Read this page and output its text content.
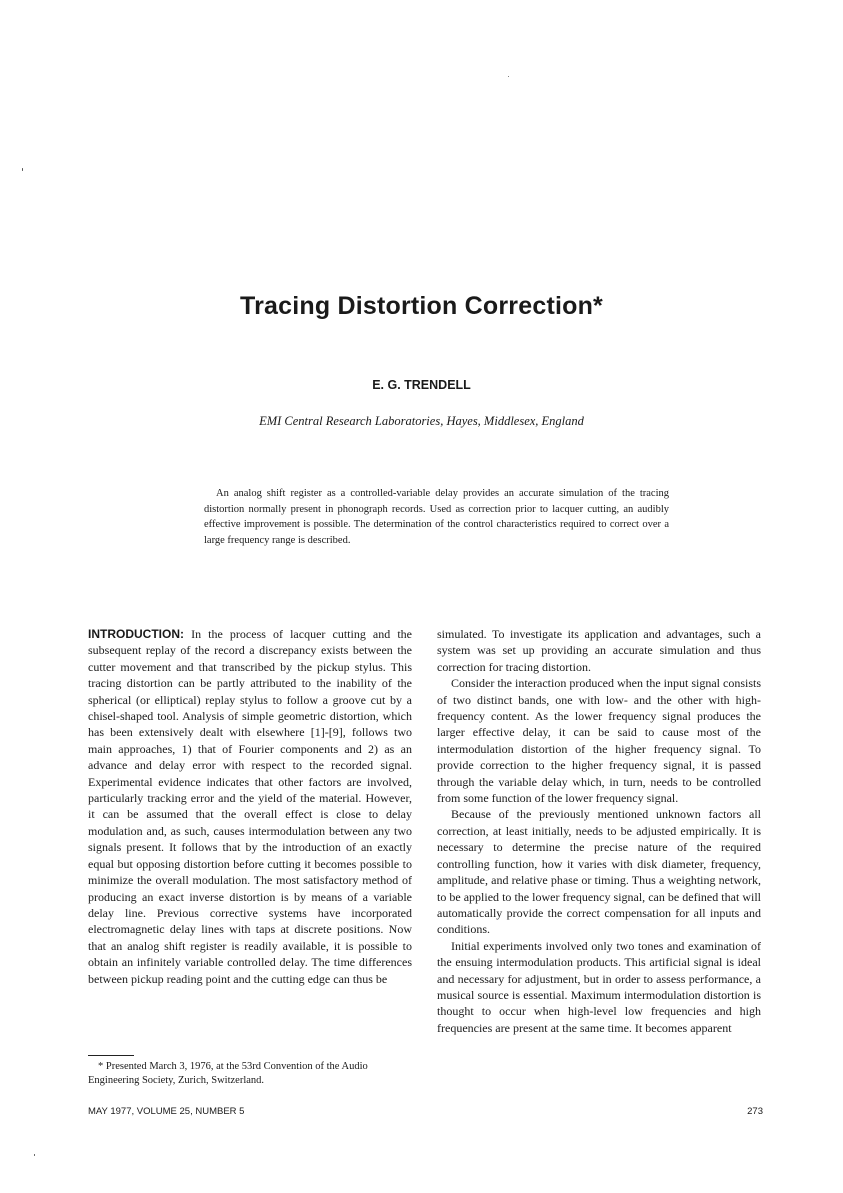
Tracing Distortion Correction*
E. G. TRENDELL
EMI Central Research Laboratories, Hayes, Middlesex, England

An analog shift register as a controlled-variable delay provides an accurate simulation of the tracing distortion normally present in phonograph records. Used as correction prior to lacquer cutting, an audibly effective improvement is possible. The determination of the control characteristics required to correct over a large frequency range is described.

INTRODUCTION: In the process of lacquer cutting and the subsequent replay of the record a discrepancy exists between the cutter movement and that transcribed by the pickup stylus. This tracing distortion can be partly attributed to the inability of the spherical (or elliptical) replay stylus to follow a groove cut by a chisel-shaped tool. Analysis of simple geometric distortion, which has been extensively dealt with elsewhere [1]-[9], follows two main approaches, 1) that of Fourier components and 2) as an advance and delay error with respect to the recorded signal. Experimental evidence indicates that other factors are involved, particularly tracking error and the yield of the material. However, it can be assumed that the overall effect is close to delay modulation and, as such, causes intermodulation between any two signals present. It follows that by the introduction of an exactly equal but opposing distortion before cutting it becomes possible to minimize the overall modulation. The most satisfactory method of producing an exact inverse distortion is by means of a variable delay line. Previous corrective systems have incorporated electromagnetic delay lines with taps at discrete positions. Now that an analog shift register is readily available, it is possible to obtain an infinitely variable controlled delay. The time differences between pickup reading point and the cutting edge can thus be

simulated. To investigate its application and advantages, such a system was set up providing an accurate simulation and thus correction for tracing distortion.

Consider the interaction produced when the input signal consists of two distinct bands, one with low- and the other with high-frequency content. As the lower frequency signal produces the larger effective delay, it can be said to cause most of the intermodulation distortion of the higher frequency signal. To provide correction to the higher frequency signal, it is passed through the variable delay which, in turn, needs to be controlled from some function of the lower frequency signal.

Because of the previously mentioned unknown factors all correction, at least initially, needs to be adjusted empirically. It is necessary to determine the precise nature of the required controlling function, how it varies with disk diameter, frequency, amplitude, and relative phase or timing. Thus a weighting network, to be applied to the lower frequency signal, can be defined that will automatically provide the correct compensation for all inputs and conditions.

Initial experiments involved only two tones and examination of the ensuing intermodulation products. This artificial signal is ideal and necessary for adjustment, but in order to assess performance, a musical source is essential. Maximum intermodulation distortion is thought to occur when high-level low frequencies and high frequencies are present at the same time. It becomes apparent

* Presented March 3, 1976, at the 53rd Convention of the Audio Engineering Society, Zurich, Switzerland.

MAY 1977, VOLUME 25, NUMBER 5	273
